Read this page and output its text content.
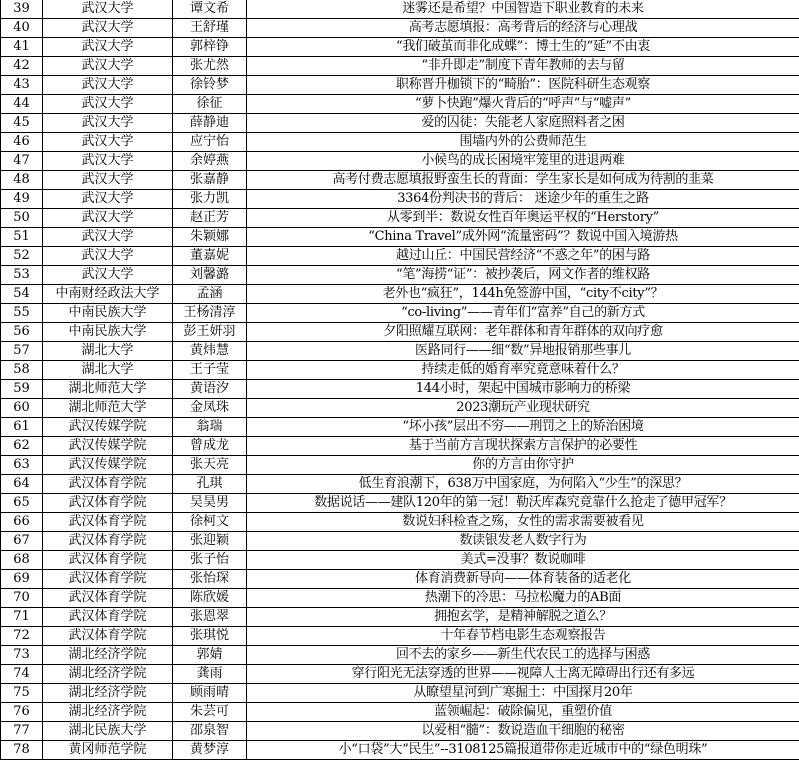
39	武汉大学	谭文希	迷雾还是希望？中国智造下职业教育的未来
40	武汉大学	王舒瑾	高考志愿填报：高考背后的经济与心理战
41	武汉大学	郭梓铮	“我们破茧而非化成蝶”：博士生的“延”不由衷
42	武汉大学	张尤然	“非升即走”制度下青年教师的去与留
43	武汉大学	徐铃梦	职称晋升枷锁下的“畸胎”：医院科研生态观察
44	武汉大学	徐征	“萝卜快跑”爆火背后的“呼声”与“嘘声”
45	武汉大学	薛静迪	爱的囚徒：失能老人家庭照料者之困
46	武汉大学	应宁怡	围墙内外的公费师范生
47	武汉大学	余婷燕	小候鸟的成长困境牢笼里的进退两难
48	武汉大学	张嘉静	高考付费志愿填报野蛮生长的背面：学生家长是如何成为待割的韭菜
49	武汉大学	张力凯	3364份判决书的背后： 迷途少年的重生之路
50	武汉大学	赵正芳	从零到半：数说女性百年奥运平权的“Herstory”
51	武汉大学	朱颖娜	“China Travel”成外网“流量密码”？数说中国入境游热
52	武汉大学	董嘉妮	越过山丘：中国民营经济“不惑之年”的困与路
53	武汉大学	刘馨潞	“笔”海捞“证”：被抄袭后，网文作者的维权路
54	中南财经政法大学	孟涵	老外也“疯狂”，144h免签游中国，“city不city”？
55	中南民族大学	王杨清淳	“co-living”——青年们“富养”自己的新方式
56	中南民族大学	彭王妍羽	夕阳照耀互联网：老年群体和青年群体的双向疗愈
57	湖北大学	黄炜慧	医路同行——细“数”异地报销那些事儿
58	湖北大学	王子莹	持续走低的婚育率究竟意味着什么？
59	湖北师范大学	黄语汐	144小时，架起中国城市影响力的桥梁
60	湖北师范大学	金凤珠	2023潮玩产业现状研究
61	武汉传媒学院	翁瑞	“坏小孩”层出不穷——刑罚之上的矫治困境
62	武汉传媒学院	曾成龙	基于当前方言现状探索方言保护的必要性
63	武汉传媒学院	张天亮	你的方言由你守护
64	武汉体育学院	孔琪	低生育浪潮下，638万中国家庭，为何陷入“少生”的深思？
65	武汉体育学院	吴昊男	数据说话——建队120年的第一冠！勒沃库森究竟靠什么抢走了德甲冠军？
66	武汉体育学院	徐柯文	数说妇科检查之殇，女性的需求需要被看见
67	武汉体育学院	张迎颖	数读银发老人数字行为
68	武汉体育学院	张子怡	美式=没事？数说咖啡
69	武汉体育学院	张怡琛	体育消费新导向——体育装备的适老化
70	武汉体育学院	陈欣媛	热潮下的冷思：马拉松魔力的AB面
71	武汉体育学院	张恩翠	拥抱玄学，是精神解脱之道么？
72	武汉体育学院	张琪悦	十年春节档电影生态观察报告
73	湖北经济学院	郭婧	回不去的家乡——新生代农民工的选择与困惑
74	湖北经济学院	龚雨	穿行阳光无法穿透的世界——视障人士离无障碍出行还有多远
75	湖北经济学院	顾雨晴	从瞭望星河到广寒掘土：中国探月20年
76	湖北经济学院	朱芸可	蓝领崛起：破除偏见，重塑价值
77	湖北民族大学	邵泉智	以爱相“髓”：数说造血干细胞的秘密
78	黄冈师范学院	黄梦淳	小“口袋”大“民生”--3108125篇报道带你走近城市中的“绿色明珠”
